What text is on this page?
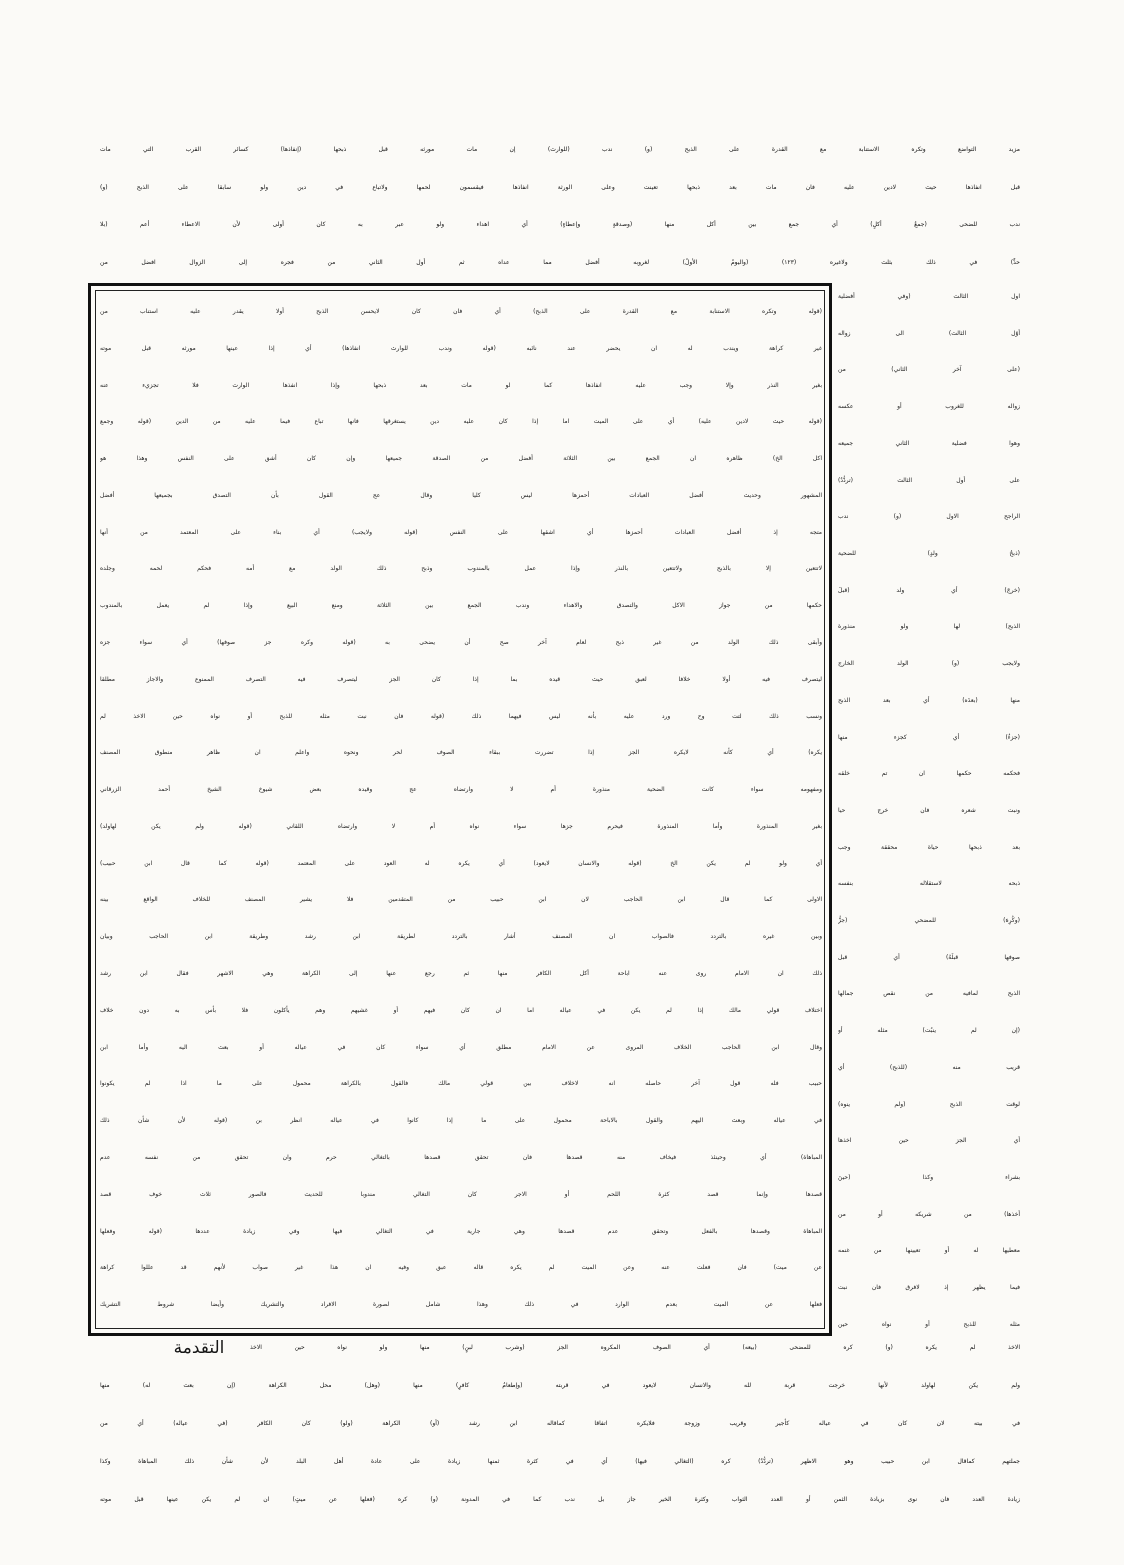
مزيد التواضع وتكره الاستنابة مع القدرة على الذبح (و) ندب (للوارث) إن مات مورثه قبل ذبحها (إنفاذها) كسائر القرب التي مات
قبل انفاذها حيث لادين عليه فان مات بعد ذبحها تعينت وعلى الورثة انفاذها فيقسمون لحمها ولاتباع في دين ولو سابقا على الذبح (و)
ندب للضحى (جمعُ أكلٍ) أي جمع بين أكل منها (وصدقةٍ وإعطاءٍ) أي اهداء ولو عبر به كان أولى لأن الاعطاء أعم (بلا
حدٍّ) في ذلك بثلث ولاغيره (١٢٣) (واليومُ الأولُ) لغروبه أفضل مما عداه ثم أول الثاني من فجره إلى الزوال افضل من
(قوله وتكره الاستنابة مع القدرة على الذبح) أي فان كان لايحسن الذبح أولا يقدر عليه استناب من
غير كراهة ويندب له ان يحضر عند نائبه (قوله وندب للوارث انفاذها) أي إذا عينها مورثه قبل موته
بغير النذر وإلا وجب عليه انفاذها كما لو مات بعد ذبحها وإذا انفذها الوارث فلا تجزيء عنه
(قوله حيث لادين عليه) أي على الميت اما إذا كان عليه دين يستغرقها فانها تباع فيما عليه من الدين (قوله وجمع
اكل الخ) ظاهره ان الجمع بين الثلاثة أفضل من الصدقة جميعها وإن كان أشق على النفس وهذا هو
المشهور وحديث أفضل العبادات أحمزها ليس كليا وقال عج القول بأن التصدق بجميعها أفضل
متجه إذ أفضل العبادات أحمزها أي اشقها على النفس (قوله ولايجب) أي بناء على المعتمد من أنها
لاتتعين إلا بالذبح ولاتتعين بالنذر وإذا عمل بالمندوب وذبح ذلك الولد مع أمه فحكم لحمه وجلده
حكمها من جواز الاكل والتصدق والاهداء وندب الجمع بين الثلاثة ومنع البيع وإذا لم يعمل بالمندوب
وأبقى ذلك الولد من غير ذبح لعام آخر صح أن يضحى به (قوله وكره جز صوفها) أي سواء جزه
ليتصرف فيه أولا خلافا لعبق حيث قيده بما إذا كان الجز ليتصرف فيه التصرف الممنوع والاجاز مطلقا
ونسب ذلك لتت وح ورد عليه بأنه ليس فيهما ذلك (قوله فان نبت مثله للذبح أو نواه حين الاخذ لم
يكره) أي كأنه لايكره الجز إذا تضررت ببقاء الصوف لحر ونحوه واعلم ان ظاهر منطوق المصنف
ومفهومه سواء كانت الضحية منذورة أم لا وارتضاه عج وقيده بعض شيوخ الشيخ أحمد الزرقاني
بغير المنذورة وأما المنذورة فيحرم جزها سواء نواه أم لا وارتضاه اللقاني (قوله ولم يكن لهاولد)
أي ولو لم يكن الخ (قوله والانسان لايعود) أي يكره له العود على المعتمد (قوله كما قال ابن حبيب)
الاولى كما قال ابن الحاجب لان ابن حبيب من المتقدمين فلا يشير المصنف للخلاف الواقع بينه
وبين غيره بالتردد فالصواب ان المصنف أشار بالتردد لطريقة ابن رشد وطريقة ابن الحاجب وبيان
ذلك ان الامام روى عنه اباحة أكل الكافر منها ثم رجع عنها إلى الكراهة وهي الاشهر فقال ابن رشد
اختلاف قولي مالك إذا لم يكن في عياله اما ان كان فيهم أو غشيهم وهم يأكلون فلا بأس به دون خلاف
وقال ابن الحاجب الخلاف المروى عن الامام مطلق أي سواء كان في عياله أو بعث اليه وأما ابن
حبيب فله قول آخر حاصله انه لاخلاف بين قولي مالك فالقول بالكراهة محمول على ما اذا لم يكونوا
في عياله وبعث اليهم والقول بالاباحة محمول على ما إذا كانوا في عياله انظر بن (قوله لأن شأن ذلك
المباهاة) أي وحينئذ فيخاف منه قصدها فان تحقق قصدها بالتغالي حرم وان تحقق من نفسه عدم
قصدها وإنما قصد كثرة اللحم أو الاجر كان التغالي مندوبا للحديث فالصور ثلاث خوف قصد
المباهاة وقصدها بالفعل وتحقق عدم قصدها وهي جارية في التغالي فيها وفي زيادة عددها (قوله وفعلها
عن ميت) فان فعلت عنه وعن الميت لم يكره قاله عبق وفيه ان هذا غير صواب لأنهم قد عللوا كراهة
فعلها عن الميت بعدم الوارد في ذلك وهذا شامل لصورة الافراد والتشريك وأيضا شروط التشريك
اول الثالث (وفي أفضلية
أوّل الثالث) الى زواله
(على آخر الثاني) من
زواله للغروب أو عكسه
وهوا فضلية الثاني جميعه
على أول الثالث (تردُّدٌ)
الراجح الاول (و) ندب
(ذبحُ ولدٍ) للضحية
(خرجَ) أي ولد (قبلَ
الذبح) لها ولو منذورة
ولايجب (و) الولد الخارج
منها (بعدَه) أي بعد الذبح
(جزءٌ) أي كجزء منها
فحكمه حكمها ان تم خلقه
ونبت شعره فان خرج حيا
بعد ذبحها حياة محققة وجب
ذبحه لاستقلاله بنفسه
(وكُرِهَ) للمضحي (جزُّ
صوفها قبلَهُ) أي قبل
الذبح لمافيه من نقص جمالها
(إن لم ينبُت) مثله أو
قريب منه (للذبح) أي
لوقت الذبح (ولم ينوه)
أي الجز حين اخذها
بشراء وكذا (حينَ
أخذها) من شريكه أو من
معطيها له أو تعيينها من غنمه
فيما يظهر إذ لافرق فان نبت
مثله للذبح أو نواه حين
الاخذ لم يكره (و) كره للمضحى (بيعه) أي الصوف المكروه الجز (وشرب لبنٍ) منها ولو نواه حين الاخذ
ولم يكن لهاولد لأنها خرجت قربة لله والانسان لايعود في قربته (وإطعامُ كافرٍ) منها (وهل) محل الكراهة (إن بعث له) منها
في بيته لان كان في عياله كأجير وقريب وزوجة فلايكره اتفاقا كماقاله ابن رشد (أو) الكراهة (ولو) كان الكافر (في عياله) أي من
جملتهم كماقال ابن حبيب وهو الاظهر (تردُّدٌ) كره (التغالي فيها) أي في كثرة ثمنها زيادة على عادة أهل البلد لأن شأن ذلك المباهاة وكذا
زيادة العدد فان نوى بزيادة الثمن أو العدد الثواب وكثرة الخير جاز بل ندب كما في المدونة (و) كره (فعلها عن ميتٍ) ان لم يكن عينها قبل موته
التقدمة
